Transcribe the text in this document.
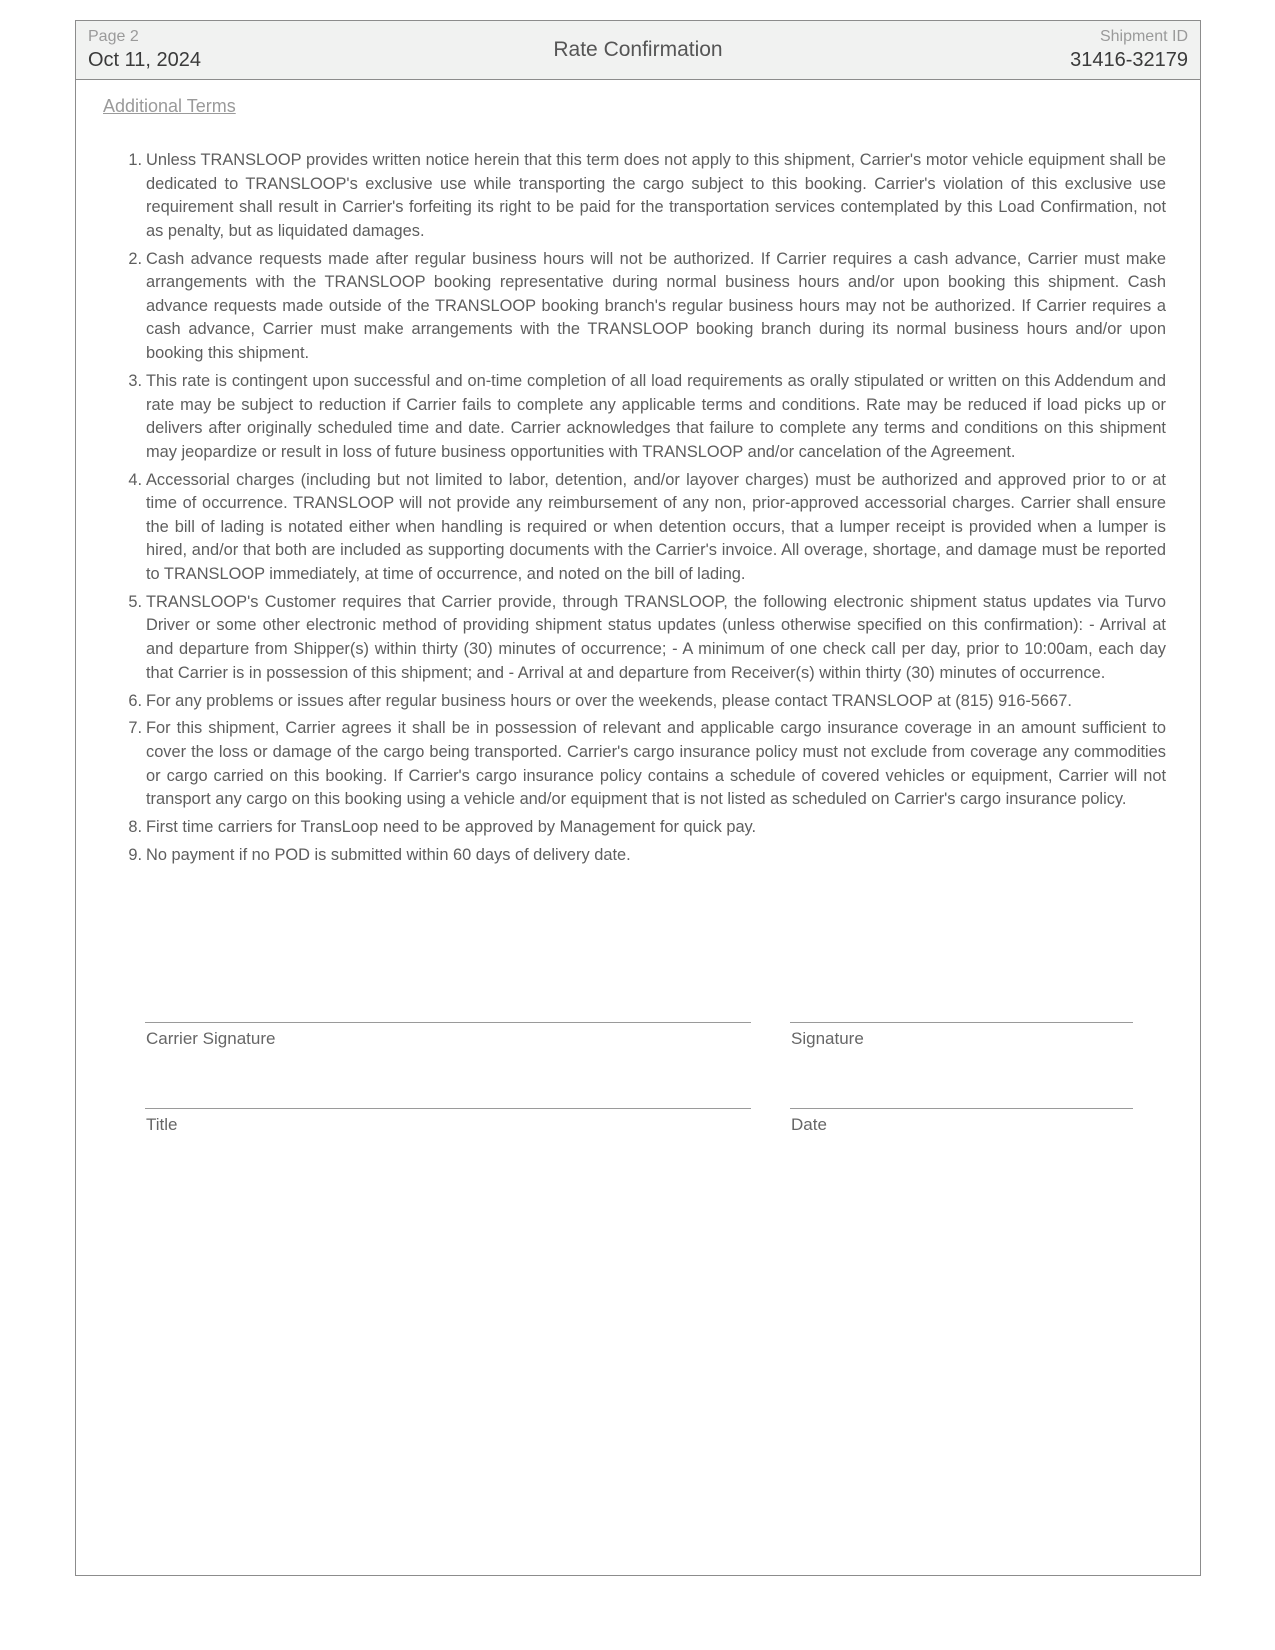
Page 2
Oct 11, 2024	Rate Confirmation
Shipment ID
31416-32179
Additional Terms
1. Unless TRANSLOOP provides written notice herein that this term does not apply to this shipment, Carrier's motor vehicle equipment shall be dedicated to TRANSLOOP's exclusive use while transporting the cargo subject to this booking. Carrier's violation of this exclusive use requirement shall result in Carrier's forfeiting its right to be paid for the transportation services contemplated by this Load Confirmation, not as penalty, but as liquidated damages.
2. Cash advance requests made after regular business hours will not be authorized. If Carrier requires a cash advance, Carrier must make arrangements with the TRANSLOOP booking representative during normal business hours and/or upon booking this shipment. Cash advance requests made outside of the TRANSLOOP booking branch's regular business hours may not be authorized. If Carrier requires a cash advance, Carrier must make arrangements with the TRANSLOOP booking branch during its normal business hours and/or upon booking this shipment.
3. This rate is contingent upon successful and on-time completion of all load requirements as orally stipulated or written on this Addendum and rate may be subject to reduction if Carrier fails to complete any applicable terms and conditions. Rate may be reduced if load picks up or delivers after originally scheduled time and date. Carrier acknowledges that failure to complete any terms and conditions on this shipment may jeopardize or result in loss of future business opportunities with TRANSLOOP and/or cancelation of the Agreement.
4. Accessorial charges (including but not limited to labor, detention, and/or layover charges) must be authorized and approved prior to or at time of occurrence. TRANSLOOP will not provide any reimbursement of any non, prior-approved accessorial charges. Carrier shall ensure the bill of lading is notated either when handling is required or when detention occurs, that a lumper receipt is provided when a lumper is hired, and/or that both are included as supporting documents with the Carrier's invoice. All overage, shortage, and damage must be reported to TRANSLOOP immediately, at time of occurrence, and noted on the bill of lading.
5. TRANSLOOP's Customer requires that Carrier provide, through TRANSLOOP, the following electronic shipment status updates via Turvo Driver or some other electronic method of providing shipment status updates (unless otherwise specified on this confirmation): - Arrival at and departure from Shipper(s) within thirty (30) minutes of occurrence; - A minimum of one check call per day, prior to 10:00am, each day that Carrier is in possession of this shipment; and - Arrival at and departure from Receiver(s) within thirty (30) minutes of occurrence.
6. For any problems or issues after regular business hours or over the weekends, please contact TRANSLOOP at (815) 916-5667.
7. For this shipment, Carrier agrees it shall be in possession of relevant and applicable cargo insurance coverage in an amount sufficient to cover the loss or damage of the cargo being transported. Carrier's cargo insurance policy must not exclude from coverage any commodities or cargo carried on this booking. If Carrier's cargo insurance policy contains a schedule of covered vehicles or equipment, Carrier will not transport any cargo on this booking using a vehicle and/or equipment that is not listed as scheduled on Carrier's cargo insurance policy.
8. First time carriers for TransLoop need to be approved by Management for quick pay.
9. No payment if no POD is submitted within 60 days of delivery date.
Carrier Signature	Signature
Title	Date
